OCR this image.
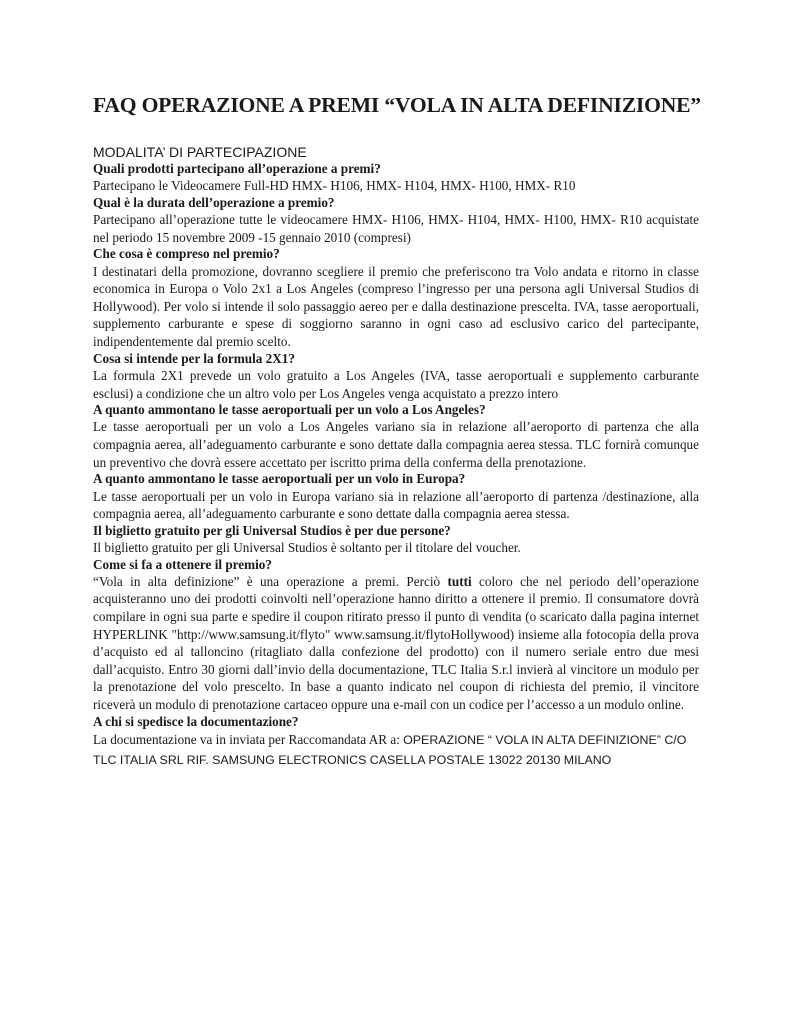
FAQ OPERAZIONE A PREMI “VOLA IN ALTA DEFINIZIONE”
MODALITA’ DI PARTECIPAZIONE

Quali prodotti partecipano all’operazione a premi?

Partecipano le Videocamere Full-HD HMX- H106, HMX- H104, HMX- H100, HMX- R10

Qual è la durata dell’operazione a premio?

Partecipano all’operazione tutte le videocamere HMX- H106, HMX- H104, HMX- H100, HMX- R10 acquistate nel periodo 15 novembre 2009 -15 gennaio 2010 (compresi)

Che cosa è compreso nel premio?

I destinatari della promozione, dovranno scegliere il premio che preferiscono tra Volo andata e ritorno in classe economica in Europa o Volo 2x1 a Los Angeles (compreso l’ingresso per una persona agli Universal Studios di Hollywood). Per volo si intende il solo passaggio aereo per e dalla destinazione prescelta. IVA, tasse aeroportuali, supplemento carburante e spese di soggiorno saranno in ogni caso ad esclusivo carico del partecipante, indipendentemente dal premio scelto.

Cosa si intende per la formula 2X1?

La formula 2X1 prevede un volo gratuito a Los Angeles (IVA, tasse aeroportuali e supplemento carburante esclusi) a condizione che un altro volo per Los Angeles venga acquistato a prezzo intero

A quanto ammontano le tasse aeroportuali per un volo a Los Angeles?

Le tasse aeroportuali per un volo a Los Angeles variano sia in relazione all’aeroporto di partenza che alla compagnia aerea, all’adeguamento carburante e sono dettate dalla compagnia aerea stessa. TLC fornirà comunque un preventivo che dovrà essere accettato per iscritto prima della conferma della prenotazione.

A quanto ammontano le tasse aeroportuali per un volo in Europa?

Le tasse aeroportuali per un volo in Europa variano sia in relazione all’aeroporto di partenza /destinazione, alla compagnia aerea, all’adeguamento carburante e sono dettate dalla compagnia aerea stessa.

Il biglietto gratuito per gli Universal Studios è per due persone?

Il biglietto gratuito per gli Universal Studios è soltanto per il titolare del voucher.

Come si fa a ottenere il premio?

“Vola in alta definizione” è una operazione a premi. Perciò tutti coloro che nel periodo dell’operazione acquisteranno uno dei prodotti coinvolti nell’operazione hanno diritto a ottenere il premio. Il consumatore dovrà compilare in ogni sua parte e spedire il coupon ritirato presso il punto di vendita (o scaricato dalla pagina internet HYPERLINK "http://www.samsung.it/flyto" www.samsung.it/flytoHollywood) insieme alla fotocopia della prova d’acquisto ed al talloncino (ritagliato dalla confezione del prodotto) con il numero seriale entro due mesi dall’acquisto. Entro 30 giorni dall’invio della documentazione, TLC Italia S.r.l invierà al vincitore un modulo per la prenotazione del volo prescelto. In base a quanto indicato nel coupon di richiesta del premio, il vincitore riceverà un modulo di prenotazione cartaceo oppure una e-mail con un codice per l’accesso a un modulo online.

A chi si spedisce la documentazione?

La documentazione va in inviata per Raccomandata AR a: OPERAZIONE “ VOLA IN ALTA DEFINIZIONE” C/O TLC ITALIA SRL RIF. SAMSUNG ELECTRONICS CASELLA POSTALE 13022 20130 MILANO
